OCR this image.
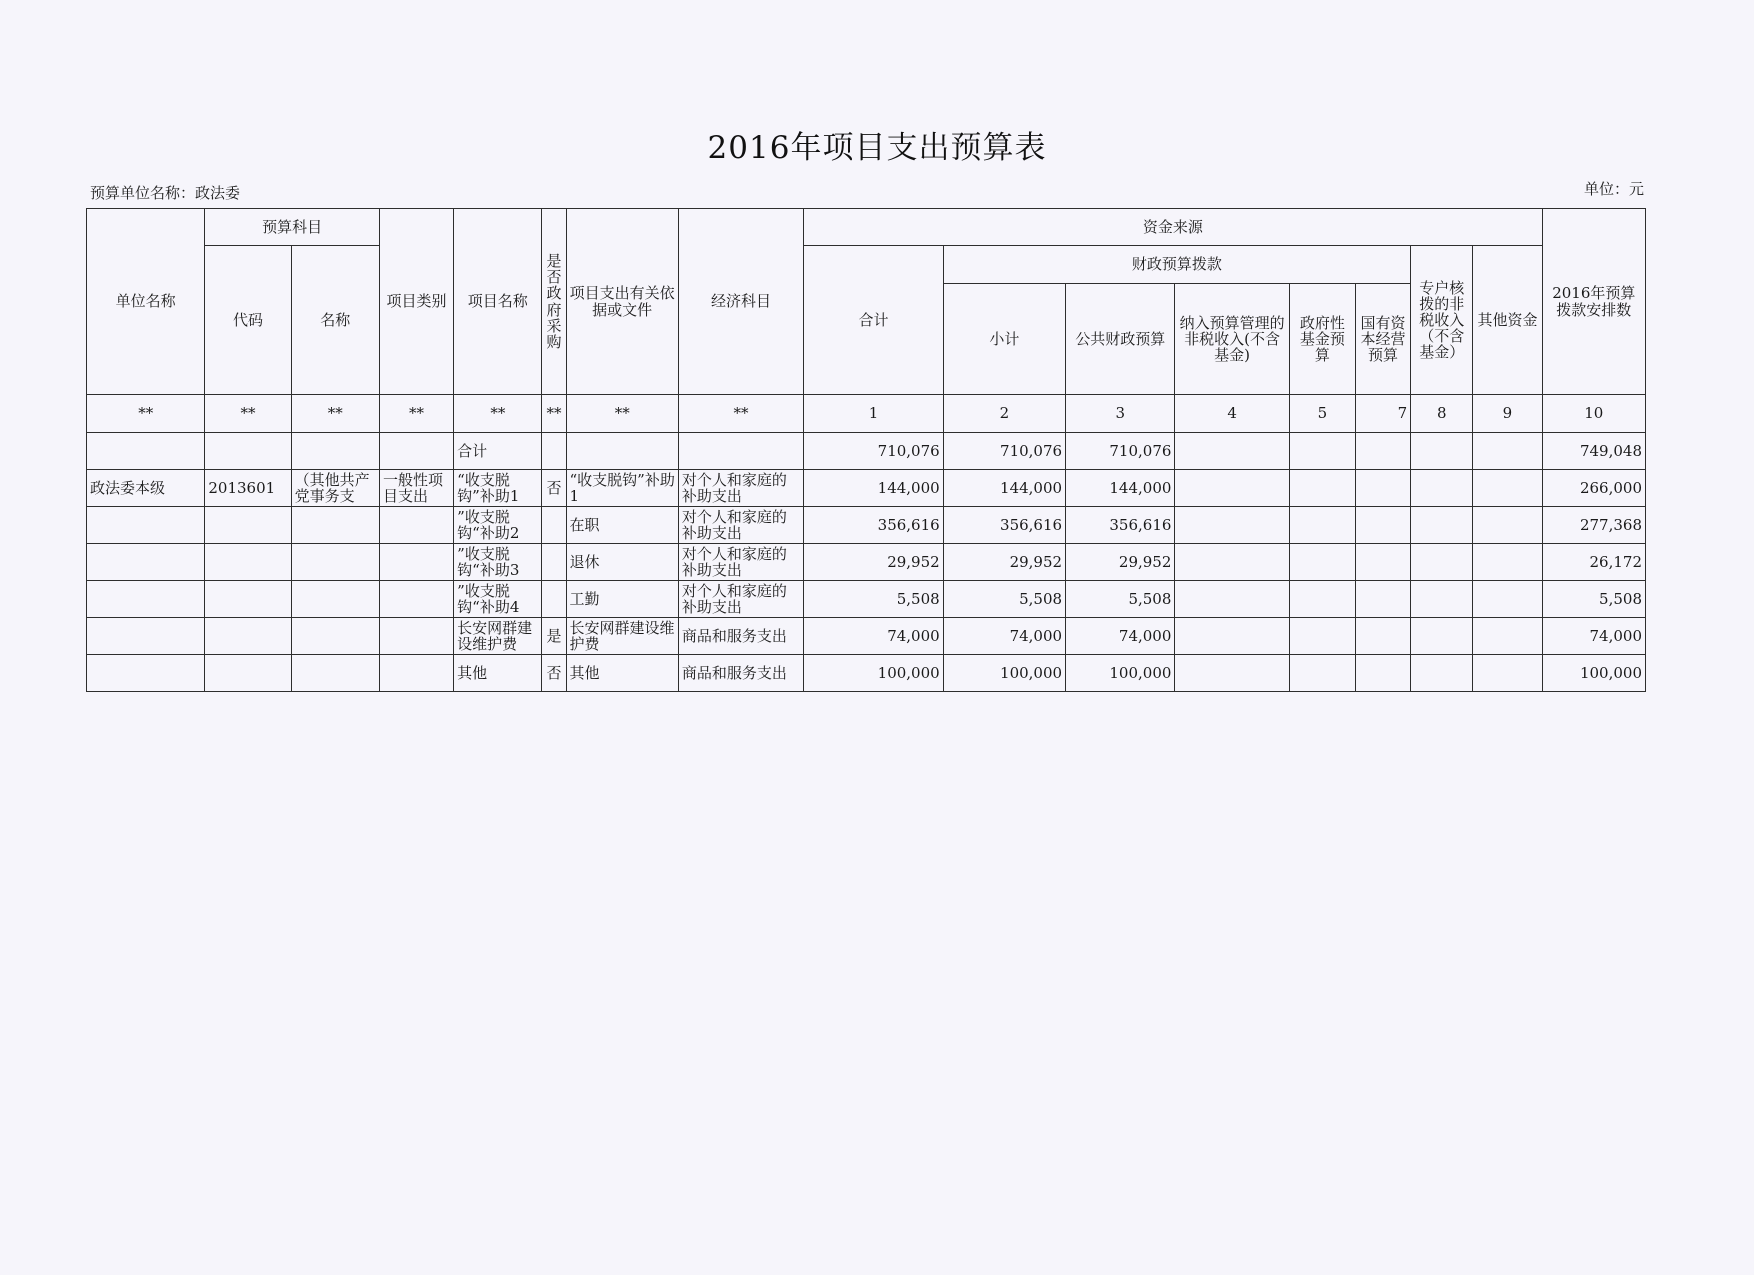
2016年项目支出预算表
预算单位名称：政法委	单位：元
单位名称	预算科目		项目类别	项目名称	是否政府采购	项目支出有关依据或文件	经济科目	资金来源								2016年预算拨款安排数
	代码	名称						合计	财政预算拨款					专户核拨的非税收入（不含基金）	其他资金	
									小计	公共财政预算	纳入预算管理的非税收入(不含基金)	政府性基金预算	国有资本经营预算			
**	**	**	**	**	**	**	**	1	2	3	4	5	7	8	9	10
				合计				710,076	710,076	710,076						749,048
政法委本级	2013601	（其他共产党事务支	一般性项目支出	“收支脱钩”补助1	否	“收支脱钩”补助1	对个人和家庭的补助支出	144,000	144,000	144,000						266,000
				”收支脱钩“补助2		在职	对个人和家庭的补助支出	356,616	356,616	356,616						277,368
				”收支脱钩“补助3		退休	对个人和家庭的补助支出	29,952	29,952	29,952						26,172
				”收支脱钩“补助4		工勤	对个人和家庭的补助支出	5,508	5,508	5,508						5,508
				长安网群建设维护费	是	长安网群建设维护费	商品和服务支出	74,000	74,000	74,000						74,000
				其他	否	其他	商品和服务支出	100,000	100,000	100,000						100,000
